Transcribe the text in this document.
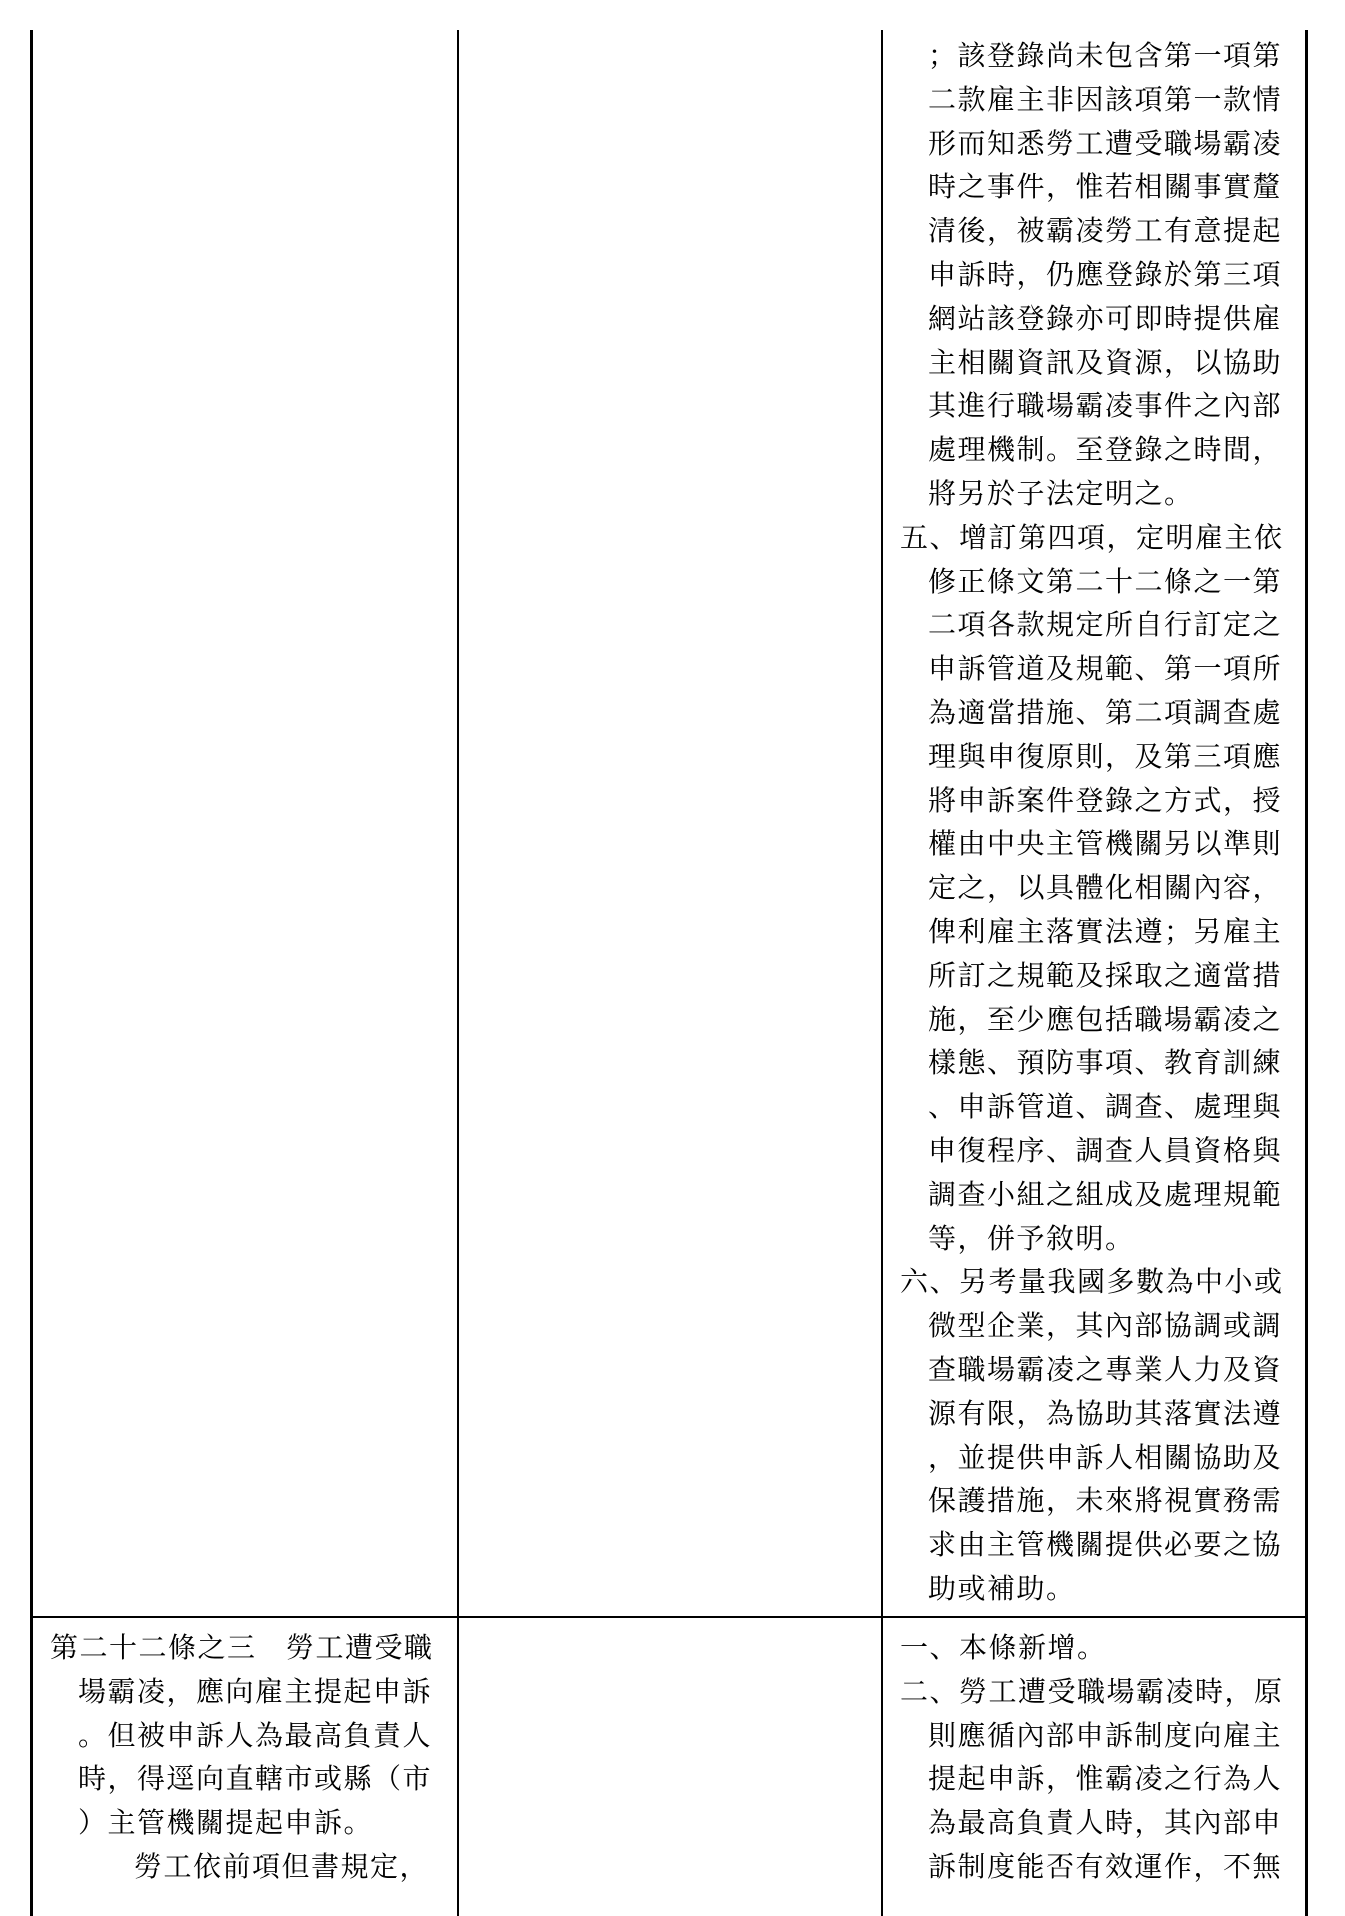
；該登錄尚未包含第一項第
二款雇主非因該項第一款情
形而知悉勞工遭受職場霸凌
時之事件，惟若相關事實釐
清後，被霸凌勞工有意提起
申訴時，仍應登錄於第三項
網站該登錄亦可即時提供雇
主相關資訊及資源，以協助
其進行職場霸凌事件之內部
處理機制。至登錄之時間，
將另於子法定明之。
五、增訂第四項，定明雇主依
修正條文第二十二條之一第
二項各款規定所自行訂定之
申訴管道及規範、第一項所
為適當措施、第二項調查處
理與申復原則，及第三項應
將申訴案件登錄之方式，授
權由中央主管機關另以準則
定之，以具體化相關內容，
俾利雇主落實法遵；另雇主
所訂之規範及採取之適當措
施，至少應包括職場霸凌之
樣態、預防事項、教育訓練
、申訴管道、調查、處理與
申復程序、調查人員資格與
調查小組之組成及處理規範
等，併予敘明。
六、另考量我國多數為中小或
微型企業，其內部協調或調
查職場霸凌之專業人力及資
源有限，為協助其落實法遵
，並提供申訴人相關協助及
保護措施，未來將視實務需
求由主管機關提供必要之協
助或補助。
第二十二條之三　勞工遭受職
場霸凌，應向雇主提起申訴
。但被申訴人為最高負責人
時，得逕向直轄市或縣（市
）主管機關提起申訴。
勞工依前項但書規定，
一、本條新增。
二、勞工遭受職場霸凌時，原
則應循內部申訴制度向雇主
提起申訴，惟霸凌之行為人
為最高負責人時，其內部申
訴制度能否有效運作，不無
